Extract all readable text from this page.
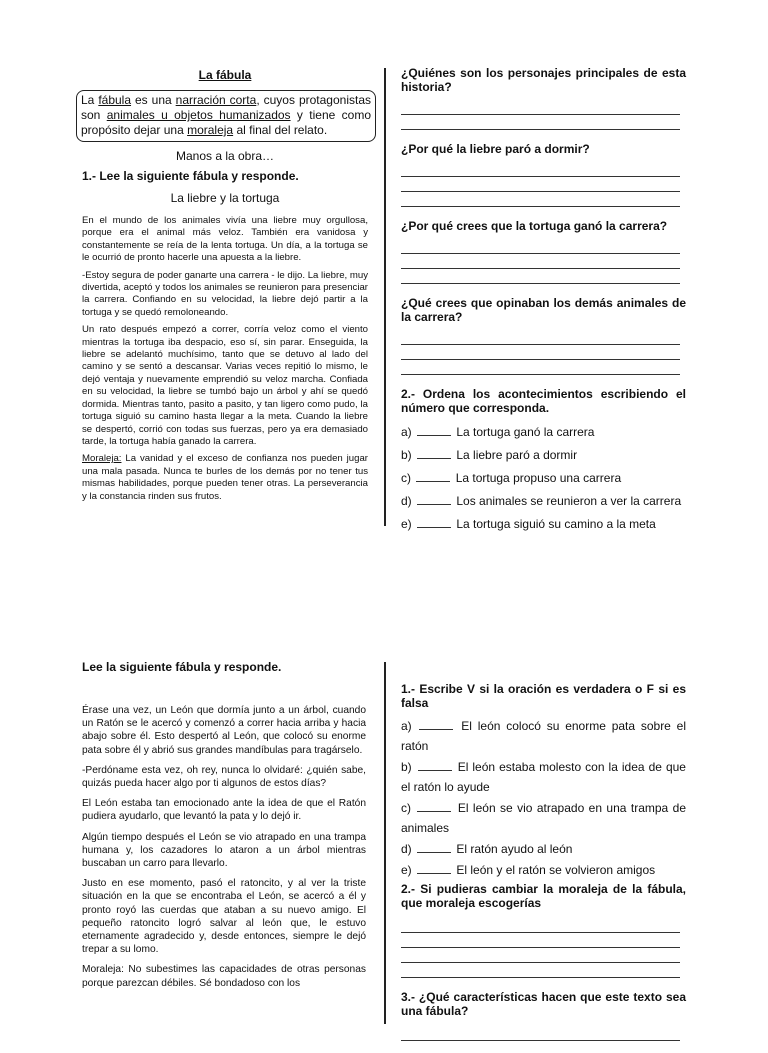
La fábula
La fábula es una narración corta, cuyos protagonistas son animales u objetos humanizados y tiene como propósito dejar una moraleja al final del relato.
Manos a la obra…
1.- Lee la siguiente fábula y responde.
La liebre y la tortuga

En el mundo de los animales vivía una liebre muy orgullosa, porque era el animal más veloz. También era vanidosa y constantemente se reía de la lenta tortuga. Un día, a la tortuga se le ocurrió de pronto hacerle una apuesta a la liebre.

-Estoy segura de poder ganarte una carrera - le dijo. La liebre, muy divertida, aceptó y todos los animales se reunieron para presenciar la carrera. Confiando en su velocidad, la liebre dejó partir a la tortuga y se quedó remoloneando.

Un rato después empezó a correr, corría veloz como el viento mientras la tortuga iba despacio, eso sí, sin parar. Enseguida, la liebre se adelantó muchísimo, tanto que se detuvo al lado del camino y se sentó a descansar. Varias veces repitió lo mismo, le dejó ventaja y nuevamente emprendió su veloz marcha. Confiada en su velocidad, la liebre se tumbó bajo un árbol y ahí se quedó dormida. Mientras tanto, pasito a pasito, y tan ligero como pudo, la tortuga siguió su camino hasta llegar a la meta. Cuando la liebre se despertó, corrió con todas sus fuerzas, pero ya era demasiado tarde, la tortuga había ganado la carrera.

Moraleja: La vanidad y el exceso de confianza nos pueden jugar una mala pasada. Nunca te burles de los demás por no tener tus mismas habilidades, porque pueden tener otras. La perseverancia y la constancia rinden sus frutos.

¿Quiénes son los personajes principales de esta historia?
¿Por qué la liebre paró a dormir?
¿Por qué crees que la tortuga ganó la carrera?
¿Qué crees que opinaban los demás animales de la carrera?
2.- Ordena los acontecimientos escribiendo el número que corresponda.
a)	La tortuga ganó la carrera
b)	La liebre paró a dormir
c)	La tortuga propuso una carrera
d)	Los animales se reunieron a ver la carrera
e)	La tortuga siguió su camino a la meta
Lee la siguiente fábula y responde.

Érase una vez, un León que dormía junto a un árbol, cuando un Ratón se le acercó y comenzó a correr hacia arriba y hacia abajo sobre él. Esto despertó al León, que colocó su enorme pata sobre él y abrió sus grandes mandíbulas para tragárselo.

-Perdóname esta vez, oh rey, nunca lo olvidaré: ¿quién sabe, quizás pueda hacer algo por ti algunos de estos días?

El León estaba tan emocionado ante la idea de que el Ratón pudiera ayudarlo, que levantó la pata y lo dejó ir.

Algún tiempo después el León se vio atrapado en una trampa humana y, los cazadores lo ataron a un árbol mientras buscaban un carro para llevarlo.

Justo en ese momento, pasó el ratoncito, y al ver la triste situación en la que se encontraba el León, se acercó a él y pronto royó las cuerdas que ataban a su nuevo amigo. El pequeño ratoncito logró salvar al león que, le estuvo eternamente agradecido y, desde entonces, siempre le dejó trepar a su lomo.

Moraleja: No subestimes las capacidades de otras personas porque parezcan débiles. Sé bondadoso con los

1.- Escribe V si la oración es verdadera o F si es falsa
a)	El león colocó su enorme pata sobre el ratón
b)	El león estaba molesto con la idea de que el ratón lo ayude
c)	El león se vio atrapado en una trampa de animales
d)	El ratón ayudo al león
e)	El león y el ratón se volvieron amigos
2.- Si pudieras cambiar la moraleja de la fábula, que moraleja escogerías
3.- ¿Qué características hacen que este texto sea una fábula?
